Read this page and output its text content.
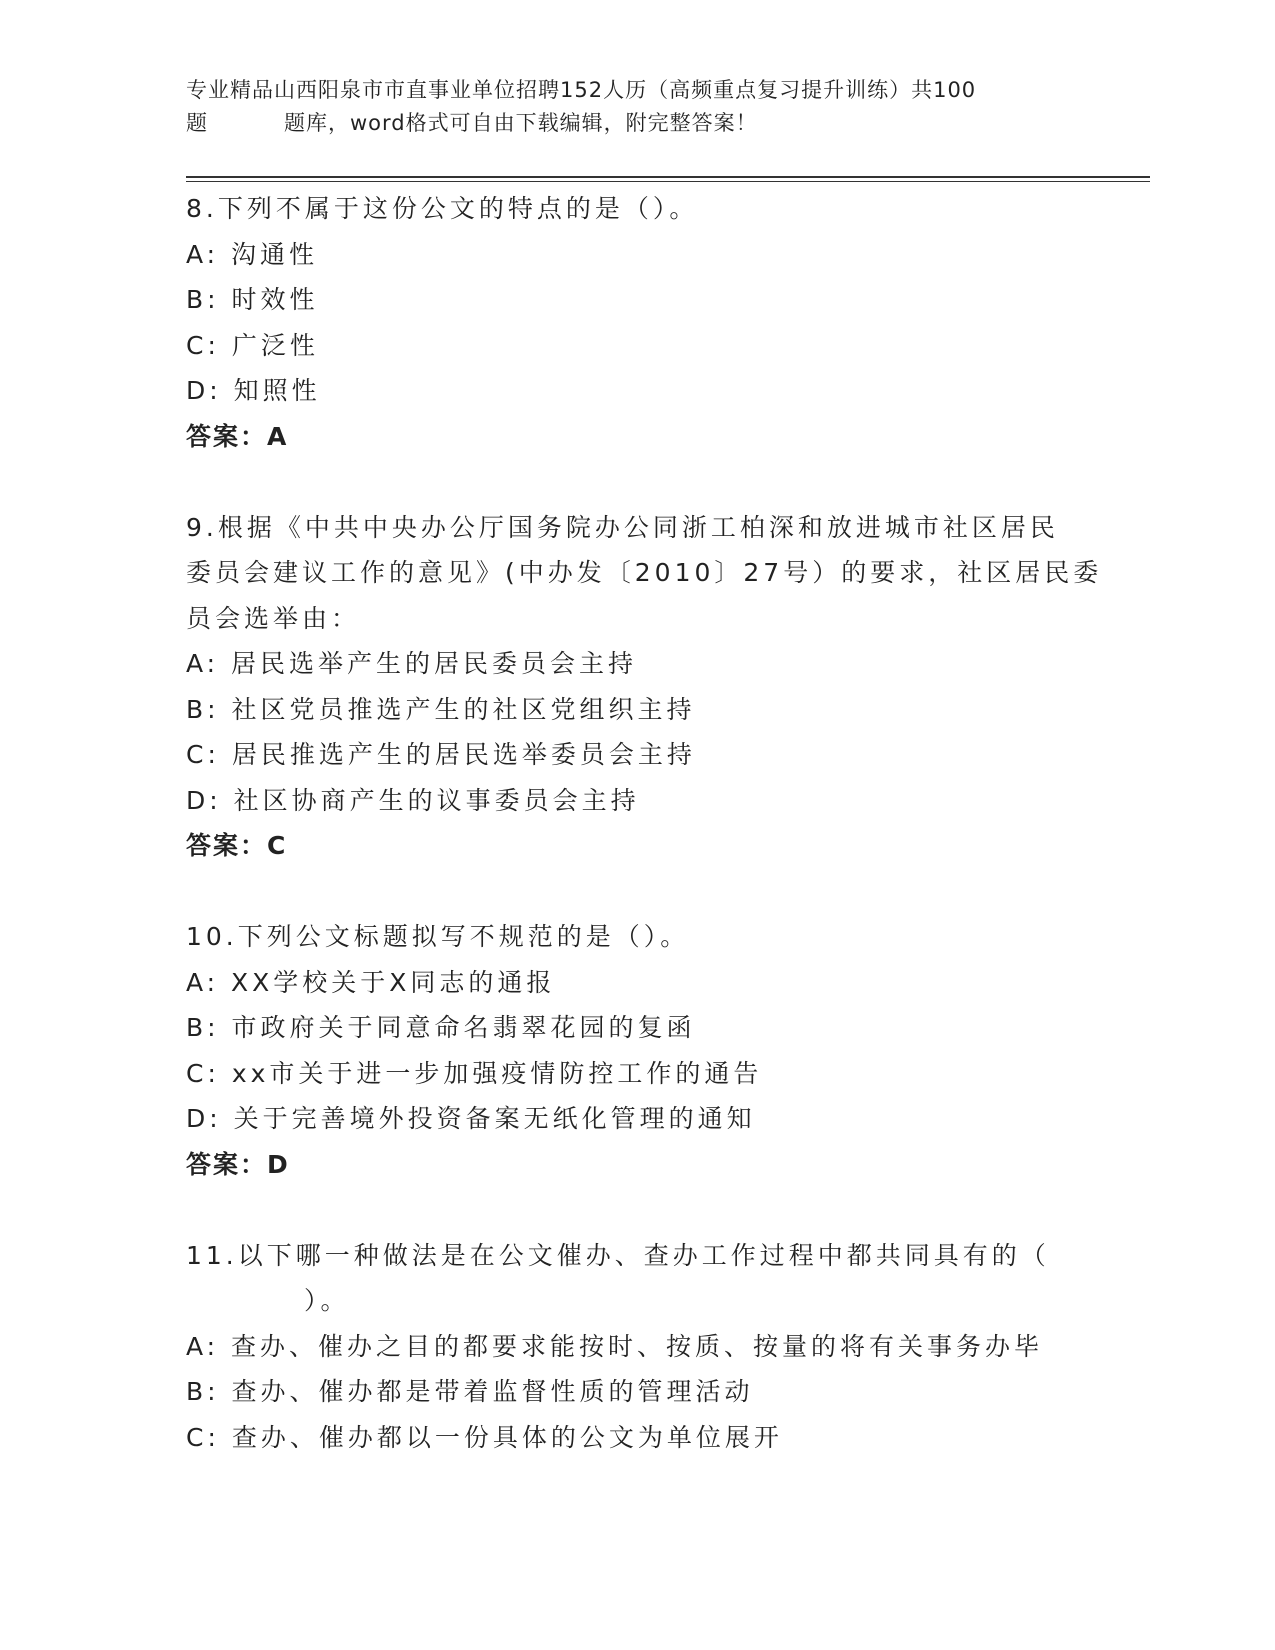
专业精品山西阳泉市市直事业单位招聘152人历（高频重点复习提升训练）共100
题	题库，word格式可自由下载编辑，附完整答案！
8.下列不属于这份公文的特点的是（）。
A: 沟通性
B: 时效性
C: 广泛性
D: 知照性
答案：A
9.根据《中共中央办公厅国务院办公同浙工柏深和放进城市社区居民
委员会建议工作的意见》(中办发〔2010〕27号）的要求，社区居民委
员会选举由：
A: 居民选举产生的居民委员会主持
B: 社区党员推选产生的社区党组织主持
C: 居民推选产生的居民选举委员会主持
D: 社区协商产生的议事委员会主持
答案：C
10.下列公文标题拟写不规范的是（）。
A: XX学校关于X同志的通报
B: 市政府关于同意命名翡翠花园的复函
C: xx市关于进一步加强疫情防控工作的通告
D: 关于完善境外投资备案无纸化管理的通知
答案：D
11.以下哪一种做法是在公文催办、查办工作过程中都共同具有的（
）。
A: 查办、催办之目的都要求能按时、按质、按量的将有关事务办毕
B: 查办、催办都是带着监督性质的管理活动
C: 查办、催办都以一份具体的公文为单位展开
